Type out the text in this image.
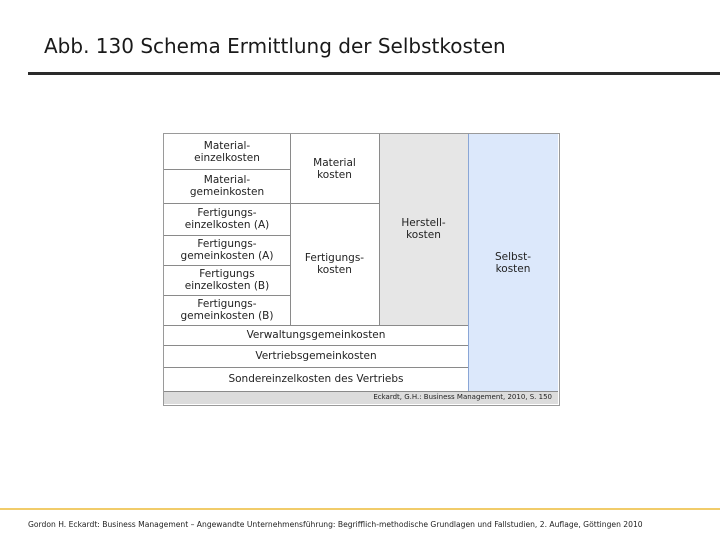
Abb. 130 Schema Ermittlung der Selbstkosten
Material-
einzelkosten
Material-
gemeinkosten
Fertigungs-
einzelkosten (A)
Fertigungs-
gemeinkosten (A)
Fertigungs
einzelkosten (B)
Fertigungs-
gemeinkosten (B)
Material
kosten
Fertigungs-
kosten
Herstell-
kosten
Selbst-
kosten
Verwaltungsgemeinkosten
Vertriebsgemeinkosten
Sondereinzelkosten des Vertriebs
Eckardt, G.H.: Business Management, 2010, S. 150
Gordon H. Eckardt: Business Management – Angewandte Unternehmensführung: Begrifflich-methodische Grundlagen und Fallstudien, 2. Auflage, Göttingen 2010
